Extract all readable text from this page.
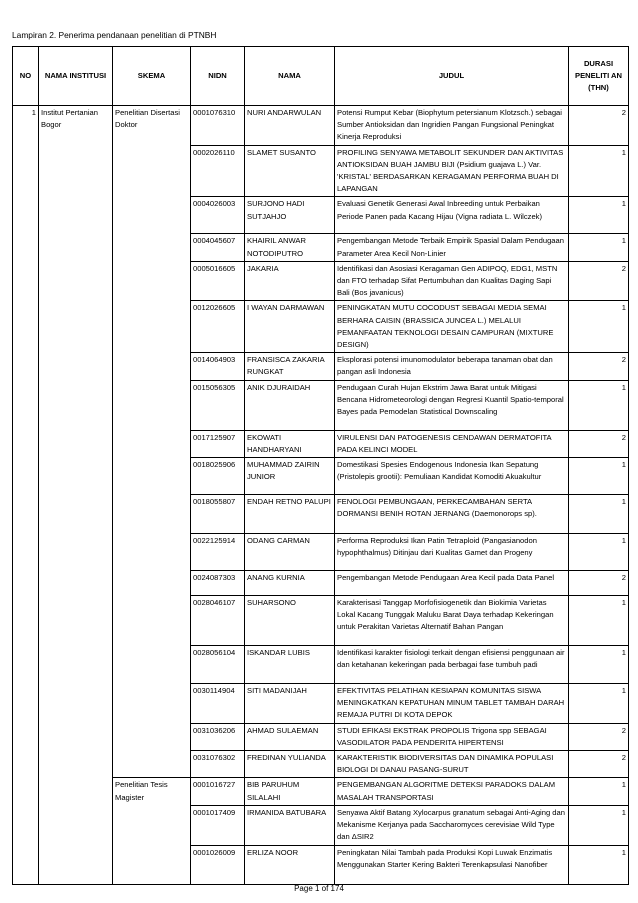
Lampiran 2. Penerima pendanaan penelitian di PTNBH
NO	NAMA INSTITUSI	SKEMA	NIDN	NAMA	JUDUL	DURASI PENELITI AN (THN)
1	Institut Pertanian Bogor	Penelitian Disertasi Doktor	0001076310	NURI ANDARWULAN	Potensi Rumput Kebar (Biophytum petersianum Klotzsch.) sebagai Sumber Antioksidan dan Ingridien Pangan Fungsional Peningkat Kinerja Reproduksi	2
			0002026110	SLAMET SUSANTO	PROFILING SENYAWA METABOLIT SEKUNDER DAN AKTIVITAS ANTIOKSIDAN BUAH JAMBU BIJI (Psidium guajava L.) Var. 'KRISTAL' BERDASARKAN KERAGAMAN PERFORMA BUAH DI LAPANGAN	1
			0004026003	SURJONO HADI SUTJAHJO	Evaluasi Genetik Generasi Awal Inbreeding untuk Perbaikan Periode Panen pada Kacang Hijau (Vigna radiata L. Wilczek)	1
			0004045607	KHAIRIL ANWAR NOTODIPUTRO	Pengembangan Metode Terbaik Empirik Spasial Dalam Pendugaan Parameter Area Kecil Non-Linier	1
			0005016605	JAKARIA	Identifikasi dan Asosiasi Keragaman Gen ADIPOQ, EDG1, MSTN dan FTO terhadap Sifat Pertumbuhan dan Kualitas Daging Sapi Bali (Bos javanicus)	2
			0012026605	I WAYAN DARMAWAN	PENINGKATAN MUTU COCODUST SEBAGAI MEDIA SEMAI BERHARA CAISIN (BRASSICA JUNCEA L.) MELALUI PEMANFAATAN TEKNOLOGI DESAIN CAMPURAN (MIXTURE DESIGN)	1
			0014064903	FRANSISCA ZAKARIA RUNGKAT	Eksplorasi potensi imunomodulator beberapa tanaman obat dan pangan asli Indonesia	2
			0015056305	ANIK DJURAIDAH	Pendugaan Curah Hujan Ekstrim Jawa Barat untuk Mitigasi Bencana Hidrometeorologi dengan Regresi Kuantil Spatio-temporal Bayes pada Pemodelan Statistical Downscaling	1
			0017125907	EKOWATI HANDHARYANI	VIRULENSI DAN PATOGENESIS CENDAWAN DERMATOFITA PADA KELINCI MODEL	2
			0018025906	MUHAMMAD ZAIRIN JUNIOR	Domestikasi Spesies Endogenous Indonesia Ikan Sepatung (Pristolepis grootii): Pemuliaan Kandidat Komoditi Akuakultur	1
			0018055807	ENDAH RETNO PALUPI	FENOLOGI PEMBUNGAAN, PERKECAMBAHAN SERTA DORMANSI BENIH ROTAN JERNANG (Daemonorops sp).	1
			0022125914	ODANG CARMAN	Performa Reproduksi Ikan Patin Tetraploid (Pangasianodon hypophthalmus) Ditinjau dari Kualitas Gamet dan Progeny	1
			0024087303	ANANG KURNIA	Pengembangan Metode Pendugaan Area Kecil pada Data Panel	2
			0028046107	SUHARSONO	Karakterisasi Tanggap Morfofisiogenetik dan Biokimia Varietas Lokal Kacang Tunggak Maluku Barat Daya terhadap Kekeringan untuk Perakitan Varietas Alternatif Bahan Pangan	1
			0028056104	ISKANDAR LUBIS	Identifikasi karakter fisiologi terkait dengan efisiensi penggunaan air dan ketahanan kekeringan pada berbagai fase tumbuh padi	1
			0030114904	SITI MADANIJAH	EFEKTIVITAS PELATIHAN KESIAPAN KOMUNITAS SISWA MENINGKATKAN KEPATUHAN MINUM TABLET TAMBAH DARAH REMAJA PUTRI DI KOTA DEPOK	1
			0031036206	AHMAD SULAEMAN	STUDI EFIKASI EKSTRAK PROPOLIS Trigona spp SEBAGAI VASODILATOR PADA PENDERITA HIPERTENSI	2
			0031076302	FREDINAN YULIANDA	KARAKTERISTIK BIODIVERSITAS DAN DINAMIKA POPULASI BIOLOGI DI DANAU PASANG-SURUT	2
		Penelitian Tesis Magister	0001016727	BIB PARUHUM SILALAHI	PENGEMBANGAN ALGORITME DETEKSI PARADOKS DALAM MASALAH TRANSPORTASI	1
			0001017409	IRMANIDA BATUBARA	Senyawa Aktif Batang Xylocarpus granatum sebagai Anti-Aging dan Mekanisme Kerjanya pada Saccharomyces cerevisiae Wild Type dan ΔSIR2	1
			0001026009	ERLIZA NOOR	Peningkatan Nilai Tambah pada Produksi Kopi Luwak Enzimatis Menggunakan Starter Kering Bakteri Terenkapsulasi Nanofiber	1
Page 1 of 174
